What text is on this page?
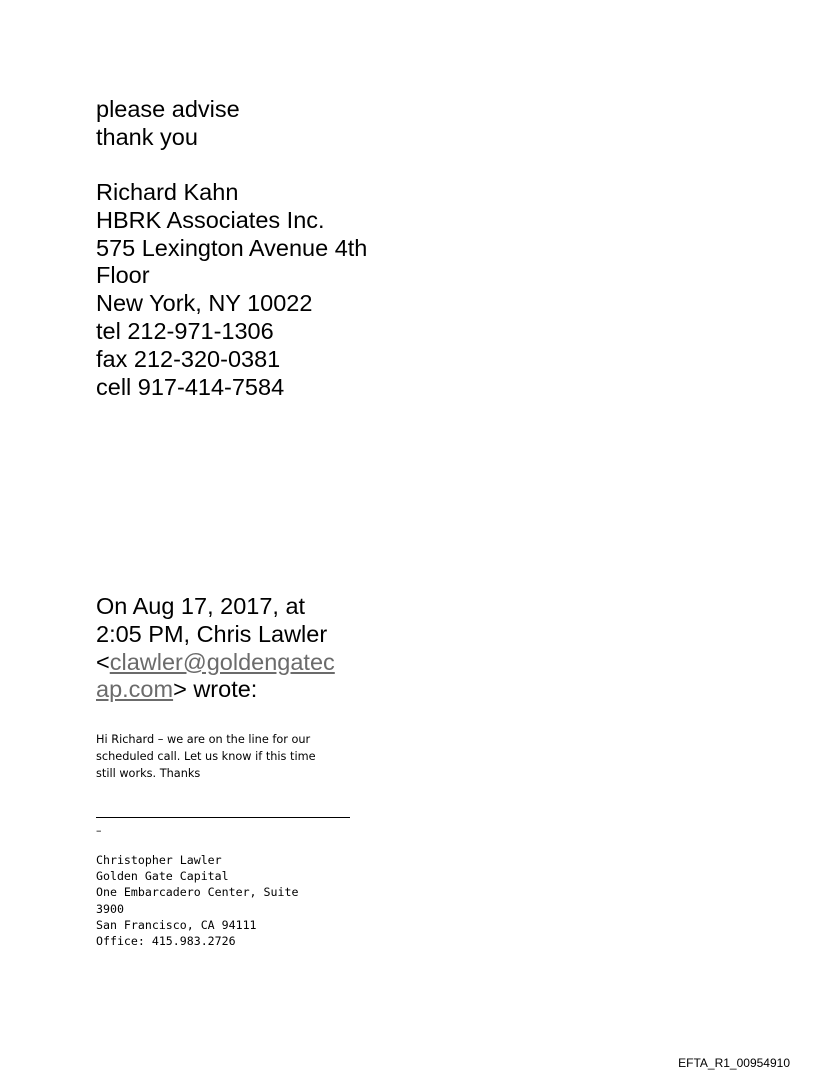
please advise
thank you
Richard Kahn
HBRK Associates Inc.
575 Lexington Avenue 4th
Floor
New York, NY 10022
tel 212-971-1306
fax 212-320-0381
cell 917-414-7584
On Aug 17, 2017, at
2:05 PM, Chris Lawler
<clawler@goldengatec
ap.com> wrote:
Hi Richard – we are on the line for our
scheduled call. Let us know if this time
still works. Thanks
–
Christopher Lawler
Golden Gate Capital
One Embarcadero Center, Suite
3900
San Francisco, CA 94111
Office: 415.983.2726
EFTA_R1_00954910
